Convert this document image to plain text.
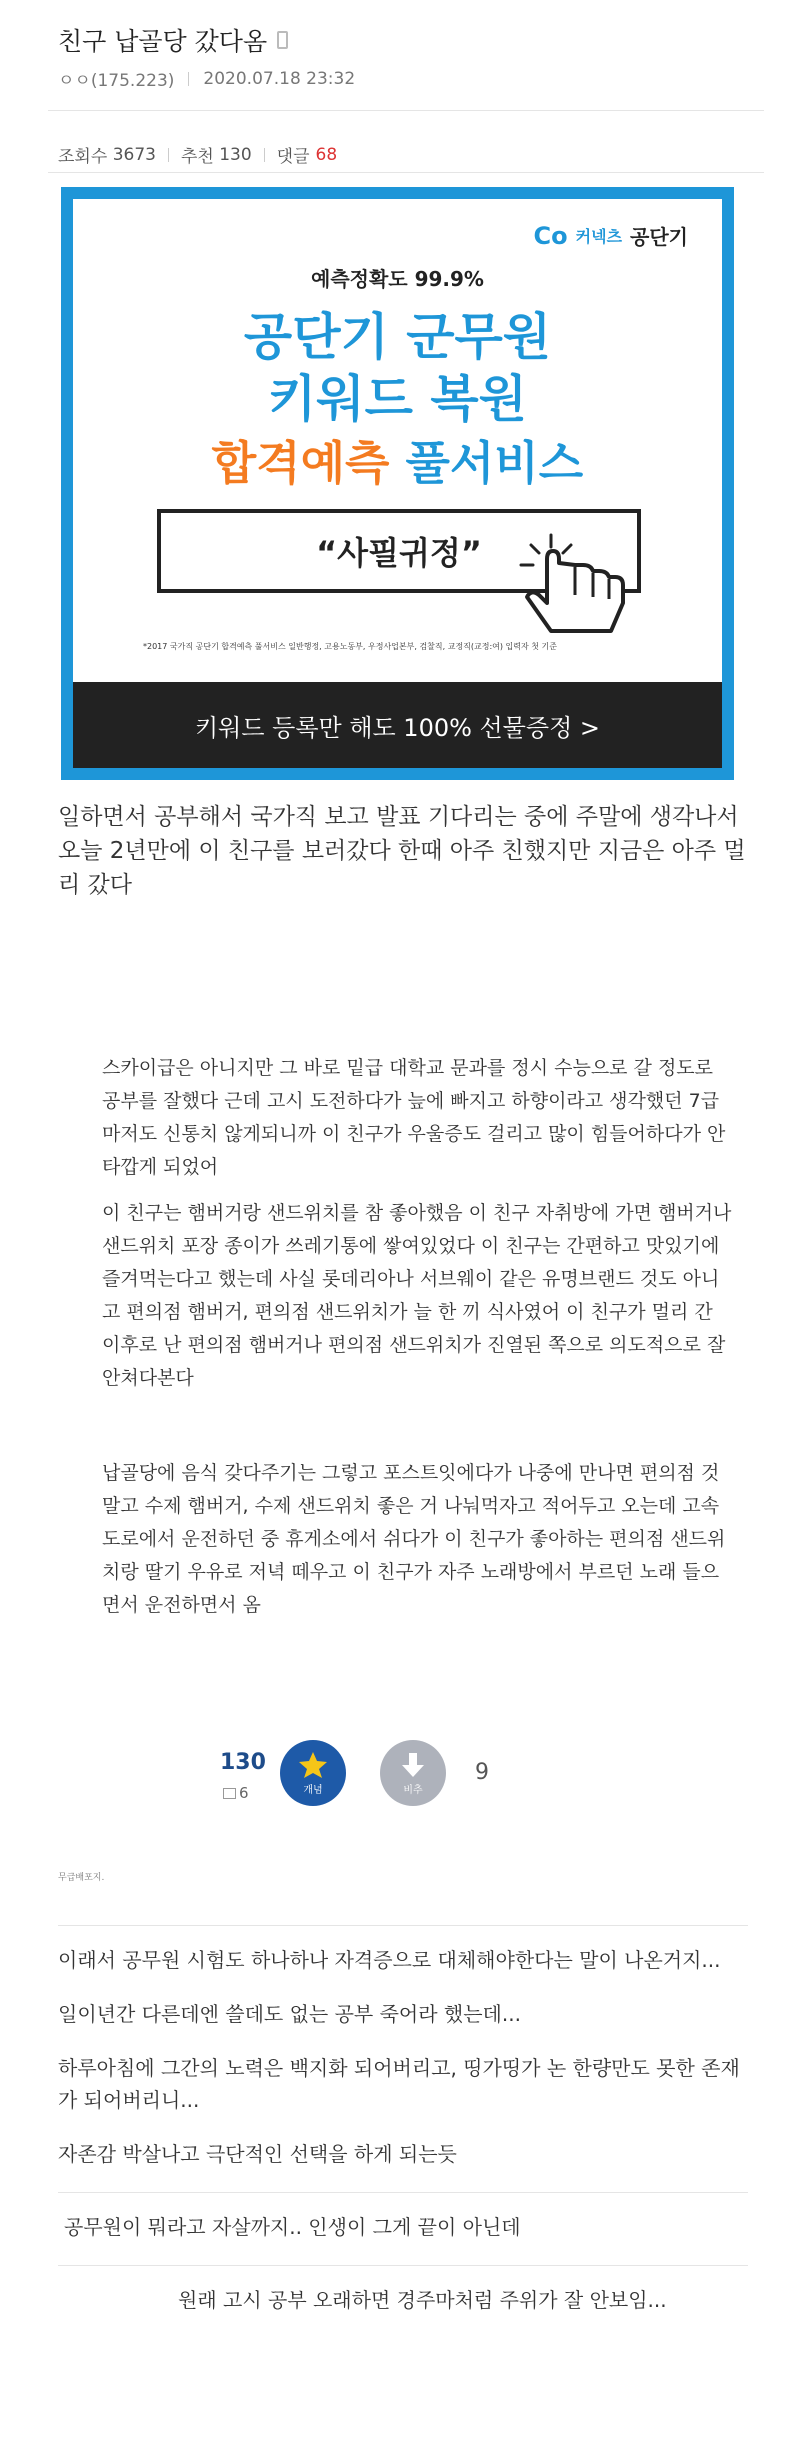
친구 납골당 갔다옴
ㅇㅇ(175.223) 2020.07.18 23:32
조회수
3673 추천
130 댓글 68
Co 커넥츠 공단기
예측정확도 99.9%
공단기 군무원
키워드 복원
합격예측 풀서비스
“사필귀정”
*2017 국가직 공단기 합격예측 풀서비스 일반행정, 고용노동부, 우정사업본부, 검찰직, 교정직(교정:여) 입력자 첫 기준
키워드 등록만 해도 100% 선물증정 >
일하면서 공부해서 국가직 보고 발표 기다리는 중에 주말에 생각나서 오늘 2년만에 이 친구를 보러갔다 한때 아주 친했지만 지금은 아주 멀리 갔다
스카이급은 아니지만 그 바로 밑급 대학교 문과를 정시 수능으로 갈 정도로 공부를 잘했다 근데 고시 도전하다가 늪에 빠지고 하향이라고 생각했던 7급마저도 신통치 않게되니까 이 친구가 우울증도 걸리고 많이 힘들어하다가 안타깝게 되었어
이 친구는 햄버거랑 샌드위치를 참 좋아했음 이 친구 자취방에 가면 햄버거나 샌드위치 포장 종이가 쓰레기통에 쌓여있었다 이 친구는 간편하고 맛있기에 즐겨먹는다고 했는데 사실 롯데리아나 서브웨이 같은 유명브랜드 것도 아니고 편의점 햄버거, 편의점 샌드위치가 늘 한 끼 식사였어 이 친구가 멀리 간 이후로 난 편의점 햄버거나 편의점 샌드위치가 진열된 쪽으로 의도적으로 잘 안쳐다본다
납골당에 음식 갖다주기는 그렇고 포스트잇에다가 나중에 만나면 편의점 것말고 수제 햄버거, 수제 샌드위치 좋은 거 나눠먹자고 적어두고 오는데 고속도로에서 운전하던 중 휴게소에서 쉬다가 이 친구가 좋아하는 편의점 샌드위치랑 딸기 우유로 저녁 떼우고 이 친구가 자주 노래방에서 부르던 노래 들으면서 운전하면서 옴
130
6	개념	비추
9
무급배포지.
이래서 공무원 시험도 하나하나 자격증으로 대체해야한다는 말이 나온거지...
일이년간 다른데엔 쓸데도 없는 공부 죽어라 했는데...
하루아침에 그간의 노력은 백지화 되어버리고, 띵가띵가 논 한량만도 못한 존재가 되어버리니...
자존감 박살나고 극단적인 선택을 하게 되는듯
공무원이 뭐라고 자살까지.. 인생이 그게 끝이 아닌데
원래 고시 공부 오래하면 경주마처럼 주위가 잘 안보임...
